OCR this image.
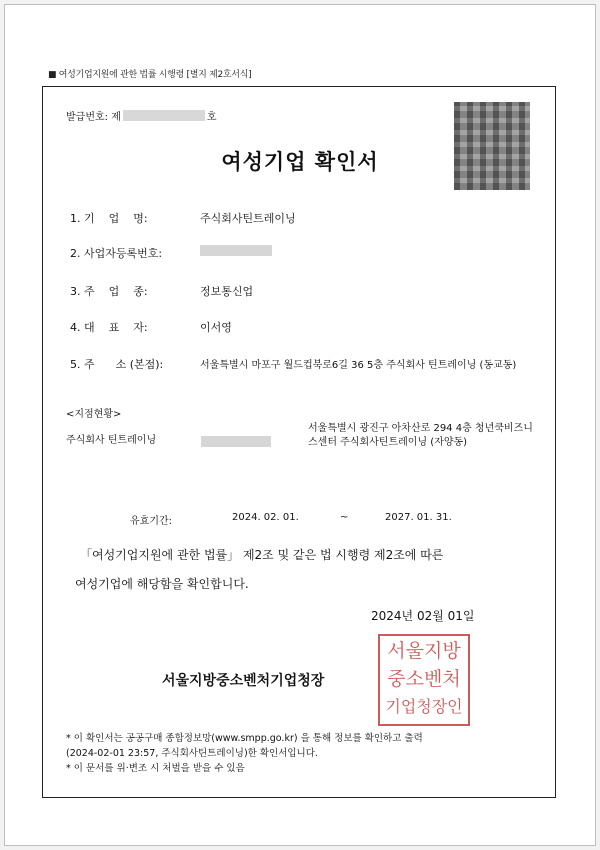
■ 여성기업지원에 관한 법률 시행령 [별지 제2호서식]
발급번호: 제	호
여성기업 확인서
1. 기    업    명:	주식회사틴트레이닝
2. 사업자등록번호:
3. 주    업    종:	정보통신업
4. 대    표    자:	이서영
5. 주      소 (본점):	서울특별시 마포구 월드컵북로6길 36 5층 주식회사 틴트레이닝 (동교동)
<지점현황>
주식회사 틴트레이닝
서울특별시 광진구 아차산로 294 4층 청년쿡비즈니
스센터 주식회사틴트레이닝 (자양동)
유효기간:	2024. 02. 01.	~	2027. 01. 31.
「여성기업지원에 관한 법률」 제2조 및 같은 법 시행령 제2조에 따른
여성기업에 해당함을 확인합니다.
2024년 02월 01일
서울지방중소벤처기업청장
서울지방
중소벤처
기업청장인
* 이 확인서는 공공구매 종합정보망(www.smpp.go.kr) 을 통해 정보를 확인하고 출력
(2024-02-01 23:57, 주식회사틴트레이닝)한 확인서입니다.
* 이 문서를 위·변조 시 처벌을 받을 수 있음
